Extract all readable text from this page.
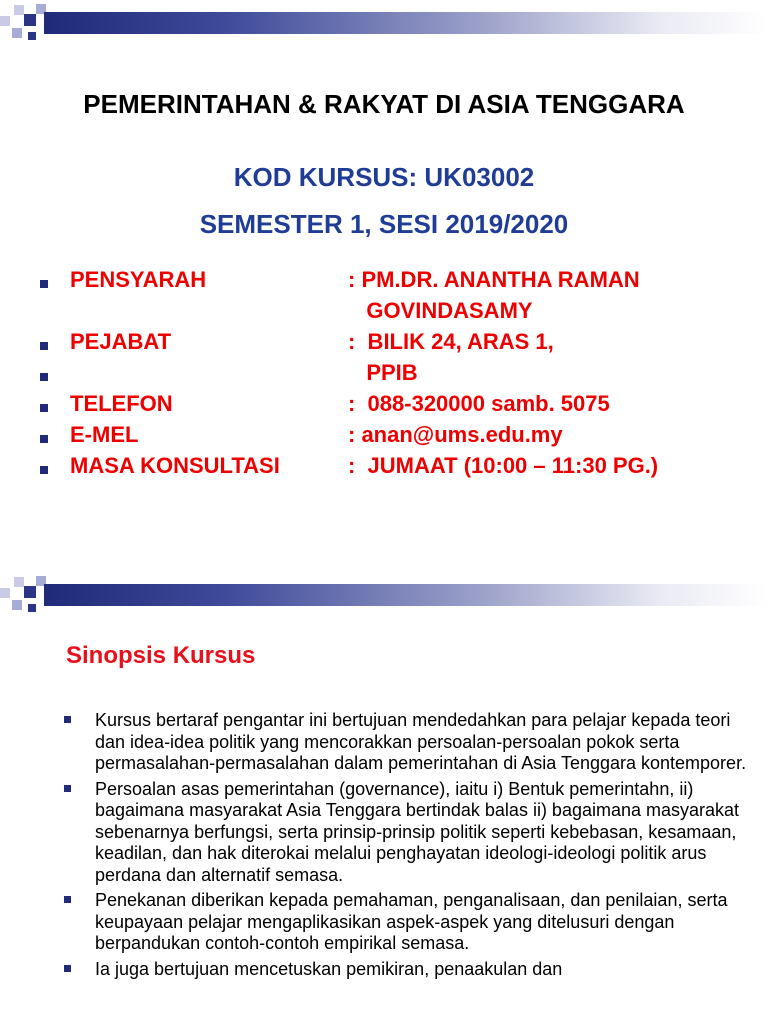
PEMERINTAHAN & RAKYAT DI ASIA TENGGARA
KOD KURSUS: UK03002
SEMESTER 1, SESI 2019/2020
PENSYARAH	: PM.DR. ANANTHA RAMAN
GOVINDASAMY
PEJABAT	:  BILIK 24, ARAS 1,
PPIB
TELEFON	:  088-320000 samb. 5075
E-MEL	: anan@ums.edu.my
MASA KONSULTASI	:  JUMAAT (10:00 – 11:30 PG.)
Sinopsis Kursus

Kursus bertaraf pengantar ini bertujuan mendedahkan para pelajar kepada teori dan idea-idea politik yang mencorakkan persoalan-persoalan pokok serta permasalahan-permasalahan dalam pemerintahan di Asia Tenggara kontemporer.

Persoalan asas pemerintahan (governance), iaitu i) Bentuk pemerintahn, ii) bagaimana masyarakat Asia Tenggara bertindak balas ii) bagaimana masyarakat sebenarnya berfungsi, serta prinsip-prinsip politik seperti kebebasan, kesamaan, keadilan, dan hak diterokai melalui penghayatan ideologi-ideologi politik arus perdana dan alternatif semasa.

Penekanan diberikan kepada pemahaman, penganalisaan, dan penilaian, serta keupayaan pelajar mengaplikasikan aspek-aspek yang ditelusuri dengan berpandukan contoh-contoh empirikal semasa.

Ia juga bertujuan mencetuskan pemikiran, penaakulan dan
